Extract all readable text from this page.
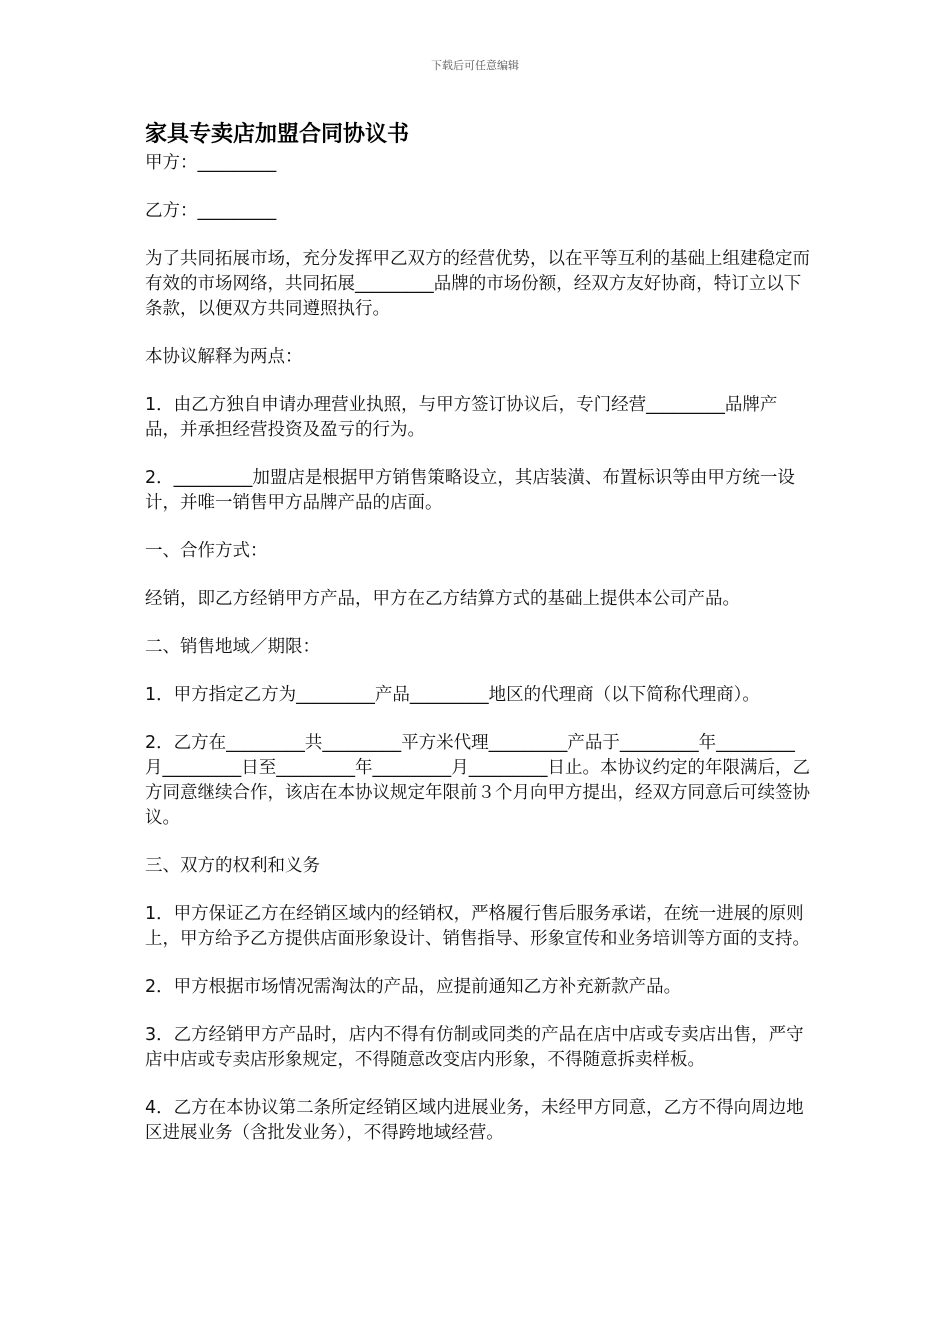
下载后可任意编辑
家具专卖店加盟合同协议书

甲方：_________

乙方：_________

为了共同拓展市场，充分发挥甲乙双方的经营优势，以在平等互利的基础上组建稳定而有效的市场网络，共同拓展_________品牌的市场份额，经双方友好协商，特订立以下条款，以便双方共同遵照执行。

本协议解释为两点：

1．由乙方独自申请办理营业执照，与甲方签订协议后，专门经营_________品牌产品，并承担经营投资及盈亏的行为。

2．_________加盟店是根据甲方销售策略设立，其店装潢、布置标识等由甲方统一设计，并唯一销售甲方品牌产品的店面。

一、合作方式：

经销，即乙方经销甲方产品，甲方在乙方结算方式的基础上提供本公司产品。

二、销售地域／期限：

1．甲方指定乙方为_________产品_________地区的代理商（以下简称代理商）。

2．乙方在_________共_________平方米代理_________产品于_________年_________月_________日至_________年_________月_________日止。本协议约定的年限满后，乙方同意继续合作，该店在本协议规定年限前３个月向甲方提出，经双方同意后可续签协议。

三、双方的权利和义务

1．甲方保证乙方在经销区域内的经销权，严格履行售后服务承诺，在统一进展的原则上，甲方给予乙方提供店面形象设计、销售指导、形象宣传和业务培训等方面的支持。

2．甲方根据市场情况需淘汰的产品，应提前通知乙方补充新款产品。

3．乙方经销甲方产品时，店内不得有仿制或同类的产品在店中店或专卖店出售，严守店中店或专卖店形象规定，不得随意改变店内形象，不得随意拆卖样板。

4．乙方在本协议第二条所定经销区域内进展业务，未经甲方同意，乙方不得向周边地区进展业务（含批发业务），不得跨地域经营。
